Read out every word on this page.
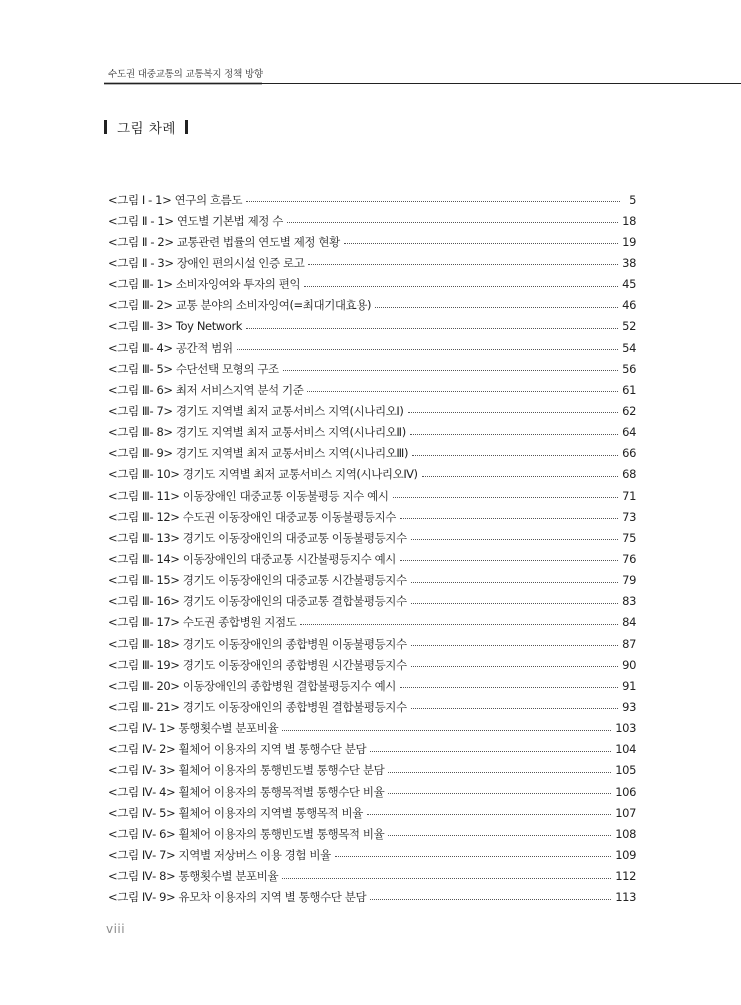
수도권 대중교통의 교통복지 정책 방향
그림 차례
<그림 Ⅰ - 1> 연구의 흐름도	5
<그림 Ⅱ - 1> 연도별 기본법 제정 수	18
<그림 Ⅱ - 2> 교통관련 법률의 연도별 제정 현황	19
<그림 Ⅱ - 3> 장애인 편의시설 인증 로고	38
<그림 Ⅲ- 1> 소비자잉여와 투자의 편익	45
<그림 Ⅲ- 2> 교통 분야의 소비자잉여(=최대기대효용)	46
<그림 Ⅲ- 3> Toy Network	52
<그림 Ⅲ- 4> 공간적 범위	54
<그림 Ⅲ- 5> 수단선택 모형의 구조	56
<그림 Ⅲ- 6> 최저 서비스지역 분석 기준	61
<그림 Ⅲ- 7> 경기도 지역별 최저 교통서비스 지역(시나리오Ⅰ)	62
<그림 Ⅲ- 8> 경기도 지역별 최저 교통서비스 지역(시나리오Ⅱ)	64
<그림 Ⅲ- 9> 경기도 지역별 최저 교통서비스 지역(시나리오Ⅲ)	66
<그림 Ⅲ- 10> 경기도 지역별 최저 교통서비스 지역(시나리오Ⅳ)	68
<그림 Ⅲ- 11> 이동장애인 대중교통 이동불평등 지수 예시	71
<그림 Ⅲ- 12> 수도권 이동장애인 대중교통 이동불평등지수	73
<그림 Ⅲ- 13> 경기도 이동장애인의 대중교통 이동불평등지수	75
<그림 Ⅲ- 14> 이동장애인의 대중교통 시간불평등지수 예시	76
<그림 Ⅲ- 15> 경기도 이동장애인의 대중교통 시간불평등지수	79
<그림 Ⅲ- 16> 경기도 이동장애인의 대중교통 결합불평등지수	83
<그림 Ⅲ- 17> 수도권 종합병원 지점도	84
<그림 Ⅲ- 18> 경기도 이동장애인의 종합병원 이동불평등지수	87
<그림 Ⅲ- 19> 경기도 이동장애인의 종합병원 시간불평등지수	90
<그림 Ⅲ- 20> 이동장애인의 종합병원 결합불평등지수 예시	91
<그림 Ⅲ- 21> 경기도 이동장애인의 종합병원 결합불평등지수	93
<그림 Ⅳ- 1> 통행횟수별 분포비율	103
<그림 Ⅳ- 2> 휠체어 이용자의 지역 별 통행수단 분담	104
<그림 Ⅳ- 3> 휠체어 이용자의 통행빈도별 통행수단 분담	105
<그림 Ⅳ- 4> 휠체어 이용자의 통행목적별 통행수단 비율	106
<그림 Ⅳ- 5> 휠체어 이용자의 지역별 통행목적 비율	107
<그림 Ⅳ- 6> 휠체어 이용자의 통행빈도별 통행목적 비율	108
<그림 Ⅳ- 7> 지역별 저상버스 이용 경험 비율	109
<그림 Ⅳ- 8> 통행횟수별 분포비율	112
<그림 Ⅳ- 9> 유모차 이용자의 지역 별 통행수단 분담	113
viii
